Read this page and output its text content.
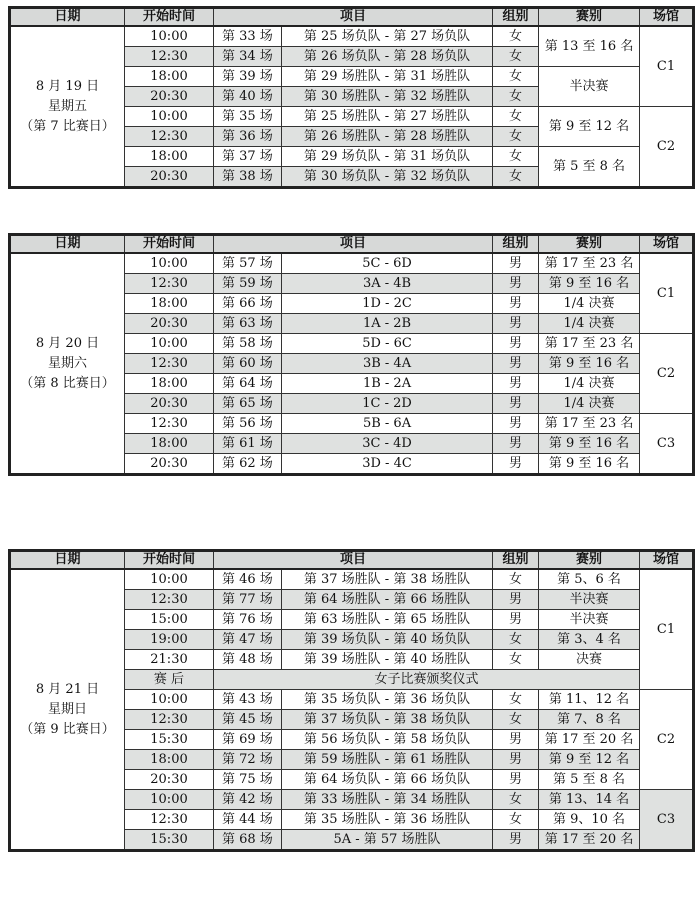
日期	开始时间	项目		组别	赛别	场馆

8 月 19 日
星期五
（第 7 比赛日）	10:00	第 33 场	第 25 场负队 - 第 27 场负队	女	第 13 至 16 名	C1
	12:30	第 34 场	第 26 场负队 - 第 28 场负队	女		
	18:00	第 39 场	第 29 场胜队 - 第 31 场胜队	女	半决赛	
	20:30	第 40 场	第 30 场胜队 - 第 32 场胜队	女		
	10:00	第 35 场	第 25 场胜队 - 第 27 场胜队	女	第 9 至 12 名	C2
	12:30	第 36 场	第 26 场胜队 - 第 28 场胜队	女		
	18:00	第 37 场	第 29 场负队 - 第 31 场负队	女	第 5 至 8 名	
	20:30	第 38 场	第 30 场负队 - 第 32 场负队	女		
日期	开始时间	项目		组别	赛别	场馆

8 月 20 日
星期六
（第 8 比赛日）	10:00	第 57 场	5C - 6D	男	第 17 至 23 名	C1
	12:30	第 59 场	3A - 4B	男	第 9 至 16 名	
	18:00	第 66 场	1D - 2C	男	1/4 决赛	
	20:30	第 63 场	1A - 2B	男	1/4 决赛	
	10:00	第 58 场	5D - 6C	男	第 17 至 23 名	C2
	12:30	第 60 场	3B - 4A	男	第 9 至 16 名	
	18:00	第 64 场	1B - 2A	男	1/4 决赛	
	20:30	第 65 场	1C - 2D	男	1/4 决赛	
	12:30	第 56 场	5B - 6A	男	第 17 至 23 名	C3
	18:00	第 61 场	3C - 4D	男	第 9 至 16 名	
	20:30	第 62 场	3D - 4C	男	第 9 至 16 名	
日期	开始时间	项目		组别	赛别	场馆

8 月 21 日
星期日
（第 9 比赛日）	10:00	第 46 场	第 37 场胜队 - 第 38 场胜队	女	第 5、6 名	C1
	12:30	第 77 场	第 64 场胜队 - 第 66 场胜队	男	半决赛	
	15:00	第 76 场	第 63 场胜队 - 第 65 场胜队	男	半决赛	
	19:00	第 47 场	第 39 场负队 - 第 40 场负队	女	第 3、4 名	
	21:30	第 48 场	第 39 场胜队 - 第 40 场胜队	女	决赛	
	赛 后	女子比赛颁奖仪式				
	10:00	第 43 场	第 35 场负队 - 第 36 场负队	女	第 11、12 名	C2
	12:30	第 45 场	第 37 场负队 - 第 38 场负队	女	第 7、8 名	
	15:30	第 69 场	第 56 场负队 - 第 58 场负队	男	第 17 至 20 名	
	18:00	第 72 场	第 59 场胜队 - 第 61 场胜队	男	第 9 至 12 名	
	20:30	第 75 场	第 64 场负队 - 第 66 场负队	男	第 5 至 8 名	
	10:00	第 42 场	第 33 场胜队 - 第 34 场胜队	女	第 13、14 名	C3
	12:30	第 44 场	第 35 场胜队 - 第 36 场胜队	女	第 9、10 名	
	15:30	第 68 场	5A - 第 57 场胜队	男	第 17 至 20 名	
